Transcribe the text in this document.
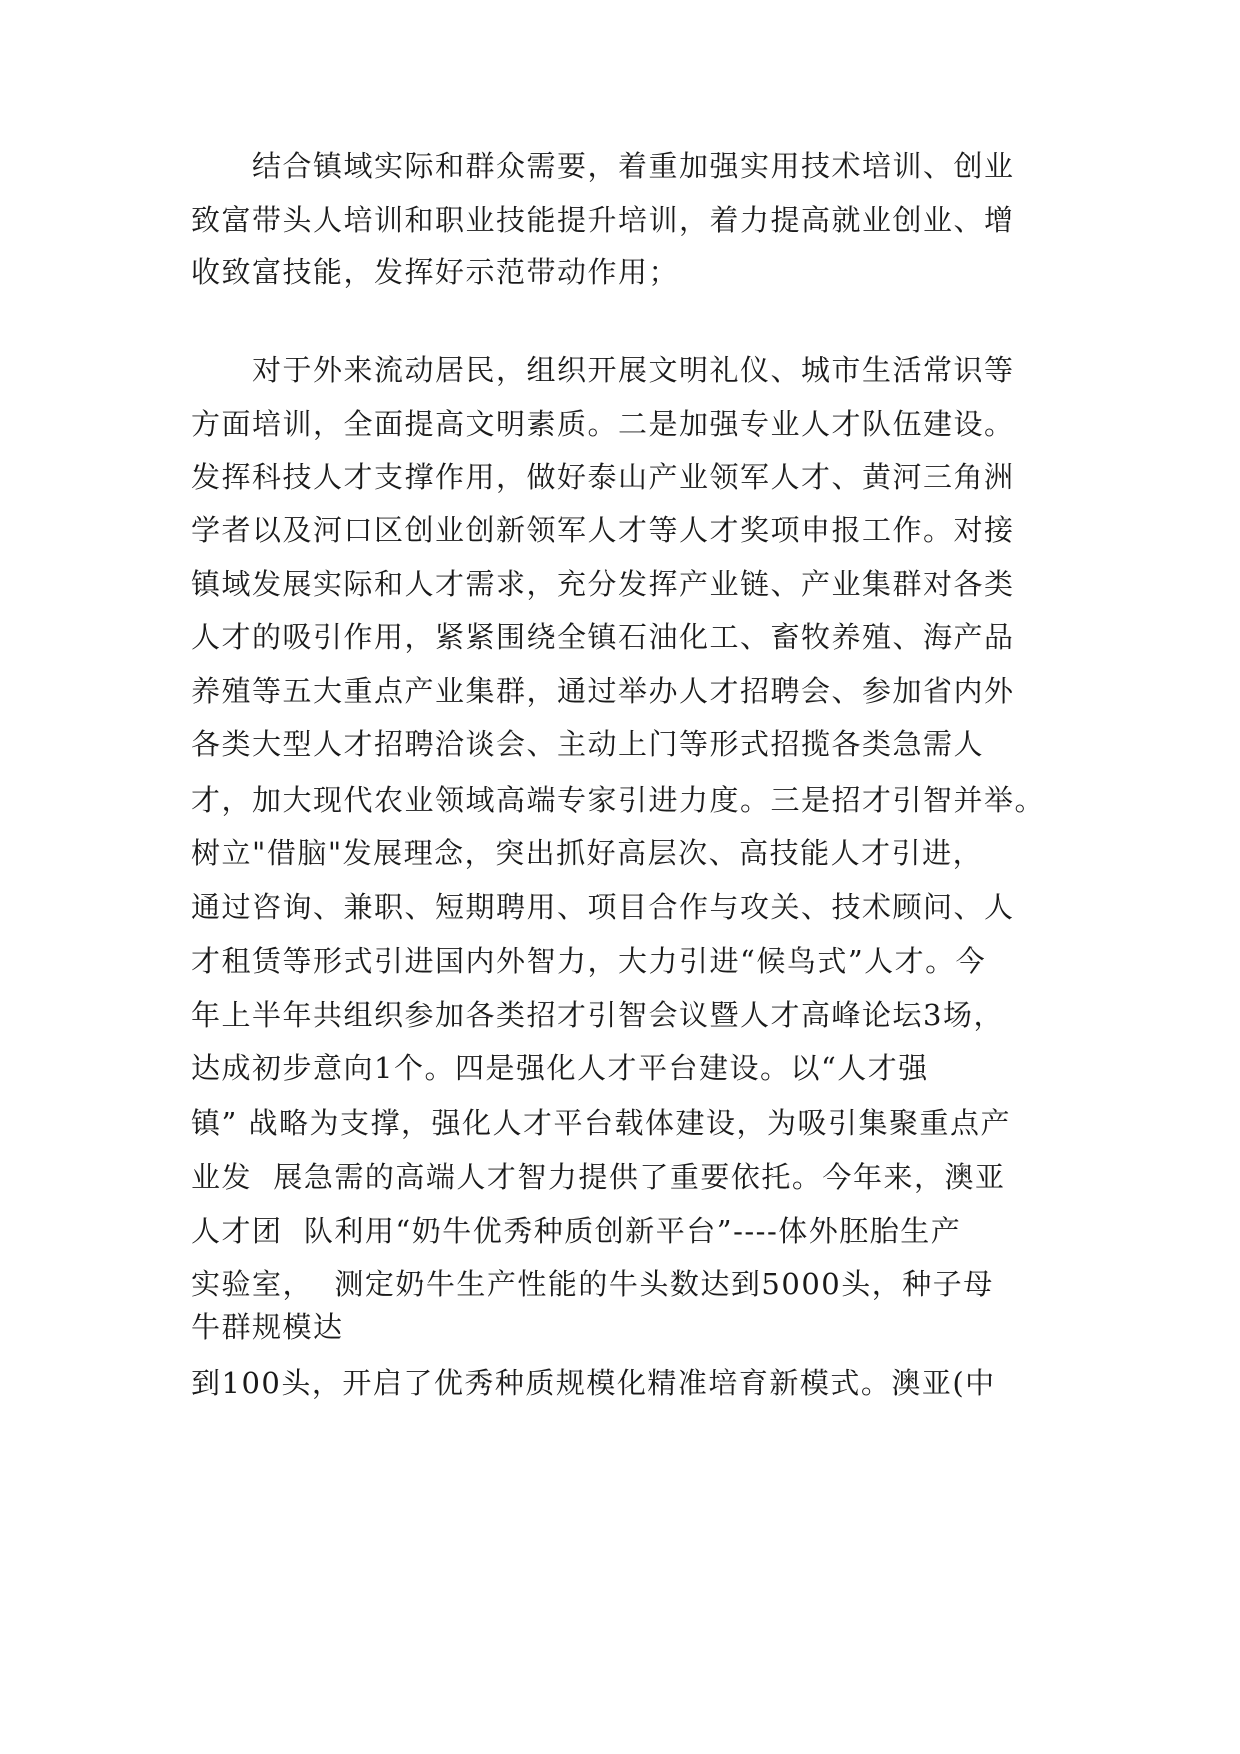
　　结合镇域实际和群众需要，着重加强实用技术培训、创业
致富带头人培训和职业技能提升培训，着力提高就业创业、增
收致富技能，发挥好示范带动作用；
　　对于外来流动居民，组织开展文明礼仪、城市生活常识等
方面培训，全面提高文明素质。二是加强专业人才队伍建设。
发挥科技人才支撑作用，做好泰山产业领军人才、黄河三角洲
学者以及河口区创业创新领军人才等人才奖项申报工作。对接
镇域发展实际和人才需求，充分发挥产业链、产业集群对各类
人才的吸引作用，紧紧围绕全镇石油化工、畜牧养殖、海产品
养殖等五大重点产业集群，通过举办人才招聘会、参加省内外
各类大型人才招聘洽谈会、主动上门等形式招揽各类急需人
才，加大现代农业领域高端专家引进力度。三是招才引智并举。
树立"借脑"发展理念，突出抓好高层次、高技能人才引进，
通过咨询、兼职、短期聘用、项目合作与攻关、技术顾问、人
才租赁等形式引进国内外智力，大力引进“候鸟式”人才。今
年上半年共组织参加各类招才引智会议暨人才高峰论坛3场，
达成初步意向1个。四是强化人才平台建设。以“人才强
镇” 战略为支撑，强化人才平台载体建设，为吸引集聚重点产
业发  展急需的高端人才智力提供了重要依托。今年来，澳亚
人才团  队利用“奶牛优秀种质创新平台”----体外胚胎生产
实验室，  测定奶牛生产性能的牛头数达到5000头，种子母
牛群规模达
到100头，开启了优秀种质规模化精准培育新模式。澳亚(中
